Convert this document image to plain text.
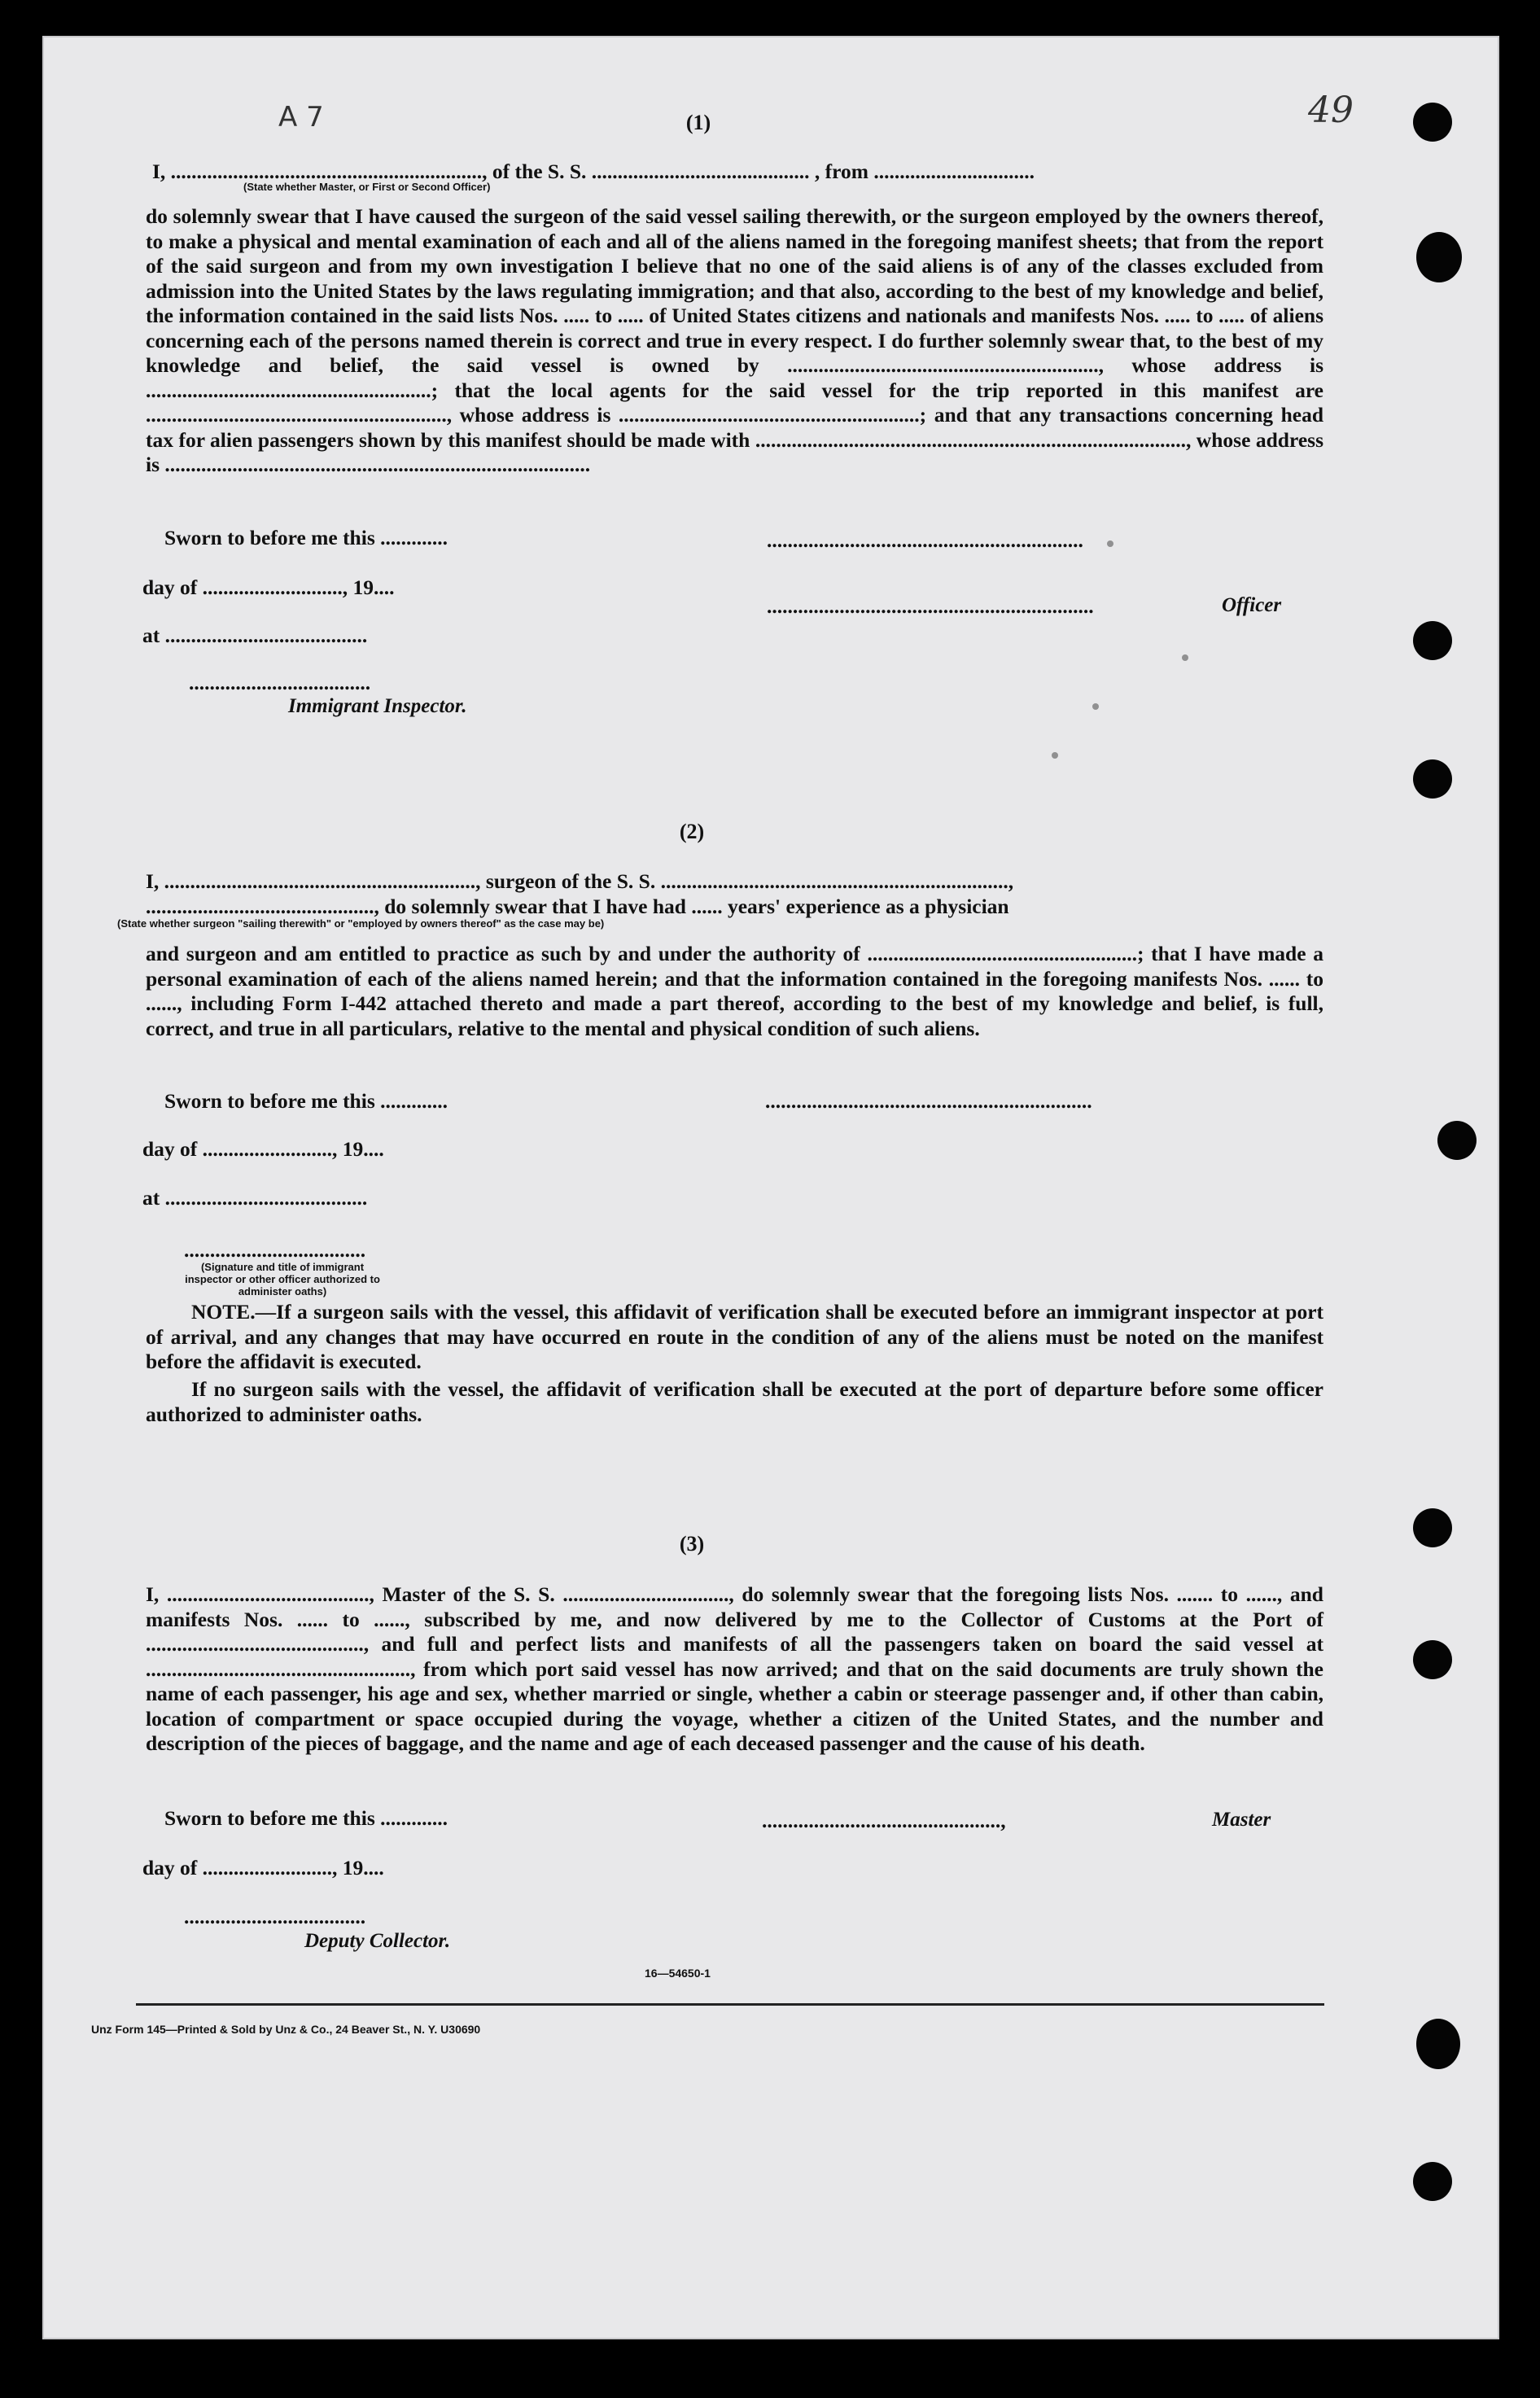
49
A 7	(1)
I, ............................................................, of the S. S. .......................................... , from ...............................
(State whether Master, or First or Second Officer)

do solemnly swear that I have caused the surgeon of the said vessel sailing therewith, or the surgeon employed by the owners thereof, to make a physical and mental examination of each and all of the aliens named in the foregoing manifest sheets; that from the report of the said surgeon and from my own investigation I believe that no one of the said aliens is of any of the classes excluded from admission into the United States by the laws regulating immigration; and that also, according to the best of my knowledge and belief, the information contained in the said lists Nos. ..... to ..... of United States citizens and nationals and manifests Nos. ..... to ..... of aliens concerning each of the persons named therein is correct and true in every respect. I do further solemnly swear that, to the best of my knowledge and belief, the said vessel is owned by ............................................................, whose address is .......................................................; that the local agents for the said vessel for the trip reported in this manifest are .........................................................., whose address is ..........................................................; and that any transactions concerning head tax for alien passengers shown by this manifest should be made with ..................................................................................., whose address is ..................................................................................

Sworn to before me this .............
day of ..........................., 19....
at .......................................
...................................
Immigrant Inspector.
.............................................................
...............................................................	Officer
(2)
I, ............................................................, surgeon of the S. S. ...................................................................,
............................................, do solemnly swear that I have had ...... years' experience as a physician
(State whether surgeon "sailing therewith" or "employed by owners thereof" as the case may be)

and surgeon and am entitled to practice as such by and under the authority of ....................................................; that I have made a personal examination of each of the aliens named herein; and that the information contained in the foregoing manifests Nos. ...... to ......, including Form I-442 attached thereto and made a part thereof, according to the best of my knowledge and belief, is full, correct, and true in all particulars, relative to the mental and physical condition of such aliens.

Sworn to before me this .............
day of ........................., 19....
at .......................................
...............................................................
...................................
(Signature and title of immigrant inspector or other officer authorized to administer oaths)

NOTE.—If a surgeon sails with the vessel, this affidavit of verification shall be executed before an immigrant inspector at port of arrival, and any changes that may have occurred en route in the condition of any of the aliens must be noted on the manifest before the affidavit is executed.

If no surgeon sails with the vessel, the affidavit of verification shall be executed at the port of departure before some officer authorized to administer oaths.

(3)

I, ......................................., Master of the S. S. ................................, do solemnly swear that the foregoing lists Nos. ....... to ......, and manifests Nos. ...... to ......, subscribed by me, and now delivered by me to the Collector of Customs at the Port of .........................................., and full and perfect lists and manifests of all the passengers taken on board the said vessel at ..................................................., from which port said vessel has now arrived; and that on the said documents are truly shown the name of each passenger, his age and sex, whether married or single, whether a cabin or steerage passenger and, if other than cabin, location of compartment or space occupied during the voyage, whether a citizen of the United States, and the number and description of the pieces of baggage, and the name and age of each deceased passenger and the cause of his death.

Sworn to before me this .............
day of ........................., 19....
...................................
Deputy Collector.
..............................................,	Master
16—54650-1
Unz Form 145—Printed & Sold by Unz & Co., 24 Beaver St., N. Y. U30690
